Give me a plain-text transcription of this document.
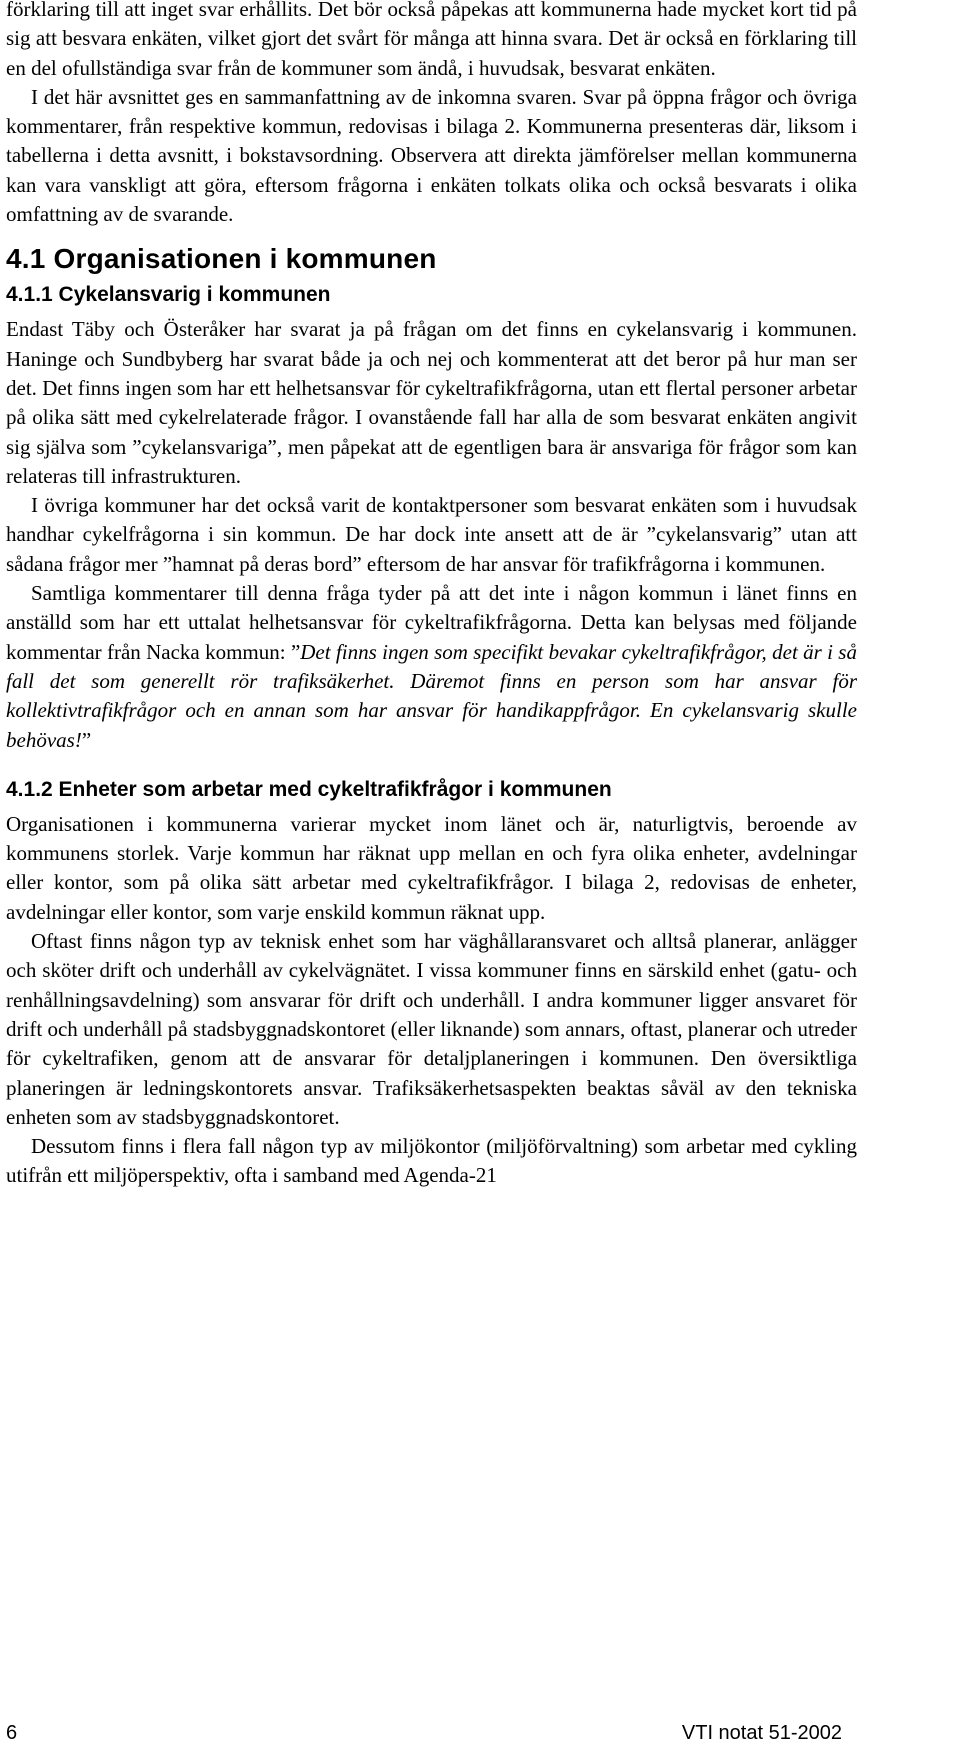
förklaring till att inget svar erhållits. Det bör också påpekas att kommunerna hade mycket kort tid på sig att besvara enkäten, vilket gjort det svårt för många att hinna svara. Det är också en förklaring till en del ofullständiga svar från de kommuner som ändå, i huvudsak, besvarat enkäten.

I det här avsnittet ges en sammanfattning av de inkomna svaren. Svar på öppna frågor och övriga kommentarer, från respektive kommun, redovisas i bilaga 2. Kommunerna presenteras där, liksom i tabellerna i detta avsnitt, i bokstavsordning. Observera att direkta jämförelser mellan kommunerna kan vara vanskligt att göra, eftersom frågorna i enkäten tolkats olika och också besvarats i olika omfattning av de svarande.

4.1 Organisationen i kommunen
4.1.1 Cykelansvarig i kommunen

Endast Täby och Österåker har svarat ja på frågan om det finns en cykelansvarig i kommunen. Haninge och Sundbyberg har svarat både ja och nej och kommenterat att det beror på hur man ser det. Det finns ingen som har ett helhetsansvar för cykeltrafikfrågorna, utan ett flertal personer arbetar på olika sätt med cykelrelaterade frågor. I ovanstående fall har alla de som besvarat enkäten angivit sig själva som ”cykelansvariga”, men påpekat att de egentligen bara är ansvariga för frågor som kan relateras till infrastrukturen.

I övriga kommuner har det också varit de kontaktpersoner som besvarat enkäten som i huvudsak handhar cykelfrågorna i sin kommun. De har dock inte ansett att de är ”cykelansvarig” utan att sådana frågor mer ”hamnat på deras bord” eftersom de har ansvar för trafikfrågorna i kommunen.

Samtliga kommentarer till denna fråga tyder på att det inte i någon kommun i länet finns en anställd som har ett uttalat helhetsansvar för cykeltrafikfrågorna. Detta kan belysas med följande kommentar från Nacka kommun: ”Det finns ingen som specifikt bevakar cykeltrafikfrågor, det är i så fall det som generellt rör trafiksäkerhet. Däremot finns en person som har ansvar för kollektivtrafikfrågor och en annan som har ansvar för handikappfrågor. En cykelansvarig skulle behövas!”

4.1.2 Enheter som arbetar med cykeltrafikfrågor i kommunen

Organisationen i kommunerna varierar mycket inom länet och är, naturligtvis, beroende av kommunens storlek. Varje kommun har räknat upp mellan en och fyra olika enheter, avdelningar eller kontor, som på olika sätt arbetar med cykeltrafikfrågor. I bilaga 2, redovisas de enheter, avdelningar eller kontor, som varje enskild kommun räknat upp.

Oftast finns någon typ av teknisk enhet som har väghållaransvaret och alltså planerar, anlägger och sköter drift och underhåll av cykelvägnätet. I vissa kommuner finns en särskild enhet (gatu- och renhållningsavdelning) som ansvarar för drift och underhåll. I andra kommuner ligger ansvaret för drift och underhåll på stadsbyggnadskontoret (eller liknande) som annars, oftast, planerar och utreder för cykeltrafiken, genom att de ansvarar för detaljplaneringen i kommunen. Den översiktliga planeringen är ledningskontorets ansvar. Trafiksäkerhetsaspekten beaktas såväl av den tekniska enheten som av stadsbyggnadskontoret.

Dessutom finns i flera fall någon typ av miljökontor (miljöförvaltning) som arbetar med cykling utifrån ett miljöperspektiv, ofta i samband med Agenda-21

6	VTI notat 51-2002
